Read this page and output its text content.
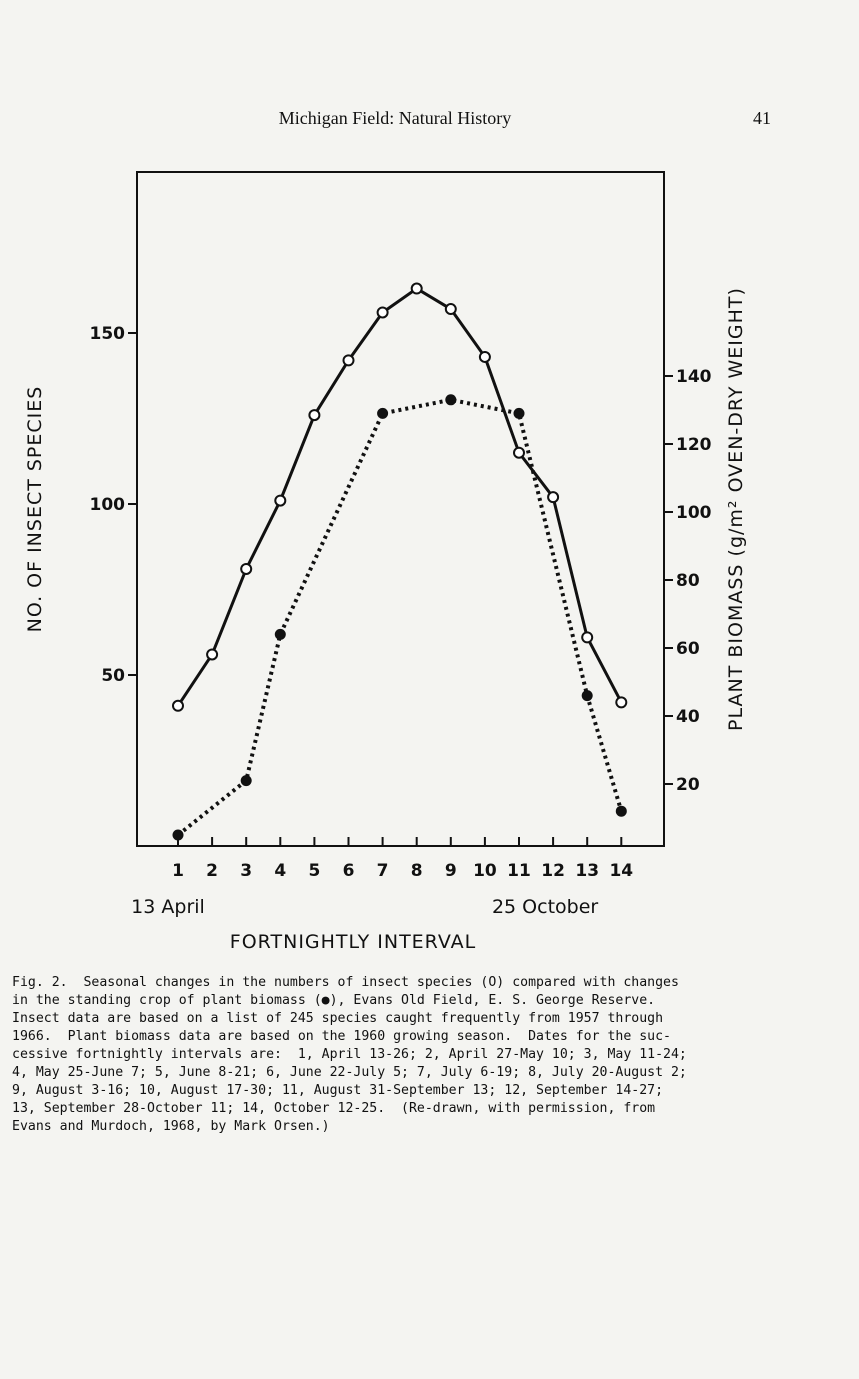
Michigan Field: Natural History	41
1 2 3 4 5 6 7 8 9 10 11 12 13 14
13 April	25 October
FORTNIGHTLY INTERVAL
50
100
150
NO. OF INSECT SPECIES
20
40
60
80
100
120
140 PLANT BIOMASS (g/m² OVEN-DRY WEIGHT)
Fig. 2.  Seasonal changes in the numbers of insect species (O) compared with changes
in the standing crop of plant biomass (●), Evans Old Field, E. S. George Reserve.
Insect data are based on a list of 245 species caught frequently from 1957 through
1966.  Plant biomass data are based on the 1960 growing season.  Dates for the suc-
cessive fortnightly intervals are:  1, April 13-26; 2, April 27-May 10; 3, May 11-24;
4, May 25-June 7; 5, June 8-21; 6, June 22-July 5; 7, July 6-19; 8, July 20-August 2;
9, August 3-16; 10, August 17-30; 11, August 31-September 13; 12, September 14-27;
13, September 28-October 11; 14, October 12-25.  (Re-drawn, with permission, from
Evans and Murdoch, 1968, by Mark Orsen.)
